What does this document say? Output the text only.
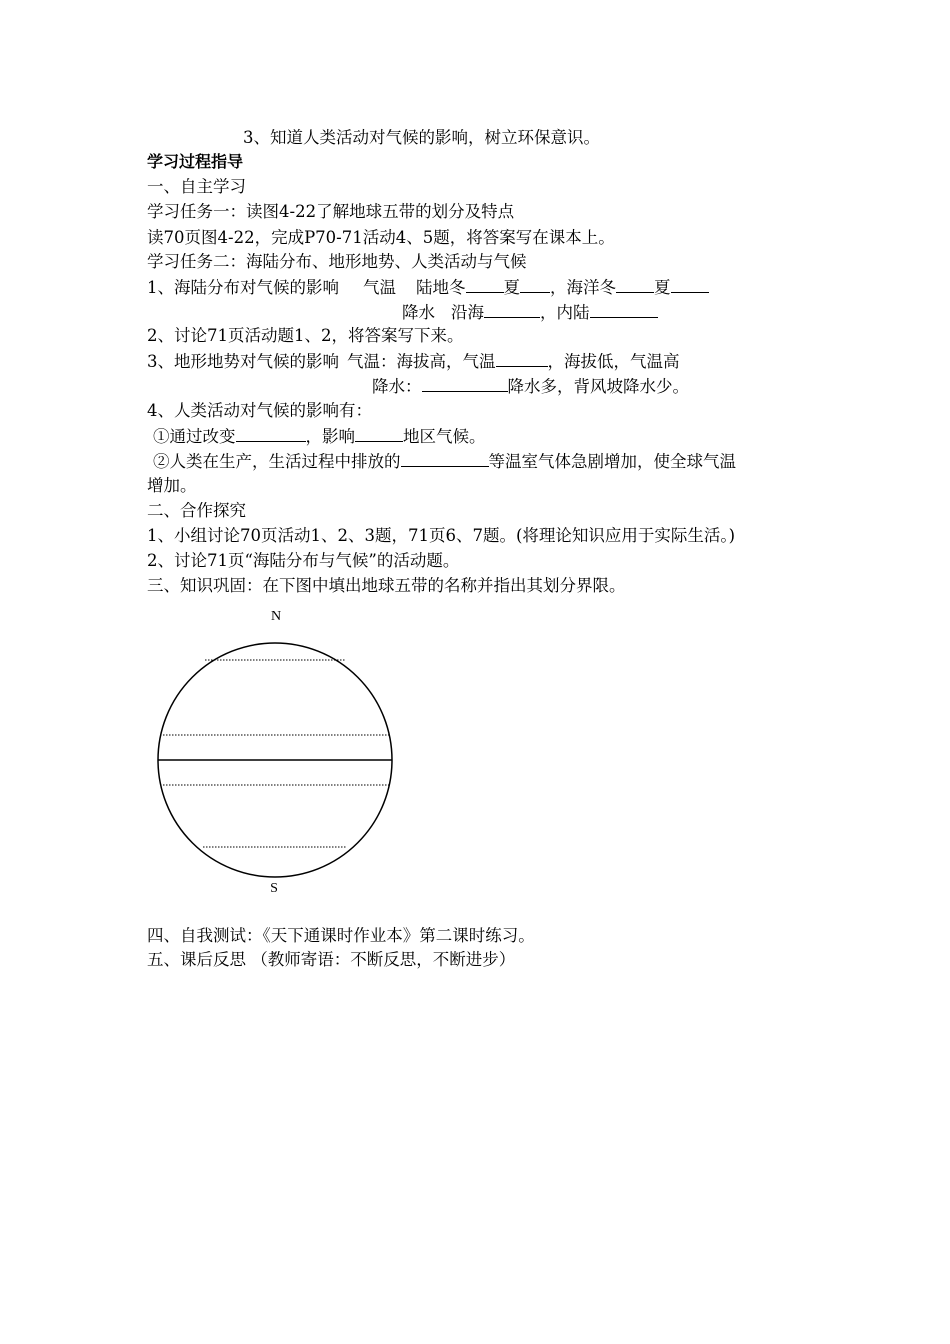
3、知道人类活动对气候的影响，树立环保意识。
学习过程指导
一、自主学习
学习任务一：读图4-22了解地球五带的划分及特点
读70页图4-22，完成P70-71活动4、5题，将答案写在课本上。
学习任务二：海陆分布、地形地势、人类活动与气候
1、海陆分布对气候的影响 气温 陆地冬 夏 ，海洋冬 夏
降水 沿海	，内陆
2、讨论71页活动题1、2，将答案写下来。
3、地形地势对气候的影响 气温：海拔高，气温	，海拔低，气温高
降水：	降水多，背风坡降水少。
4、人类活动对气候的影响有：
①通过改变	，影响	地区气候。
②人类在生产，生活过程中排放的	等温室气体急剧增加，使全球气温
增加。
二、合作探究
1、小组讨论70页活动1、2、3题，71页6、7题。(将理论知识应用于实际生活。)
2、讨论71页“海陆分布与气候”的活动题。
三、知识巩固：在下图中填出地球五带的名称并指出其划分界限。
N
S
四、自我测试：《天下通课时作业本》第二课时练习。
五、课后反思 （教师寄语：不断反思，不断进步）
